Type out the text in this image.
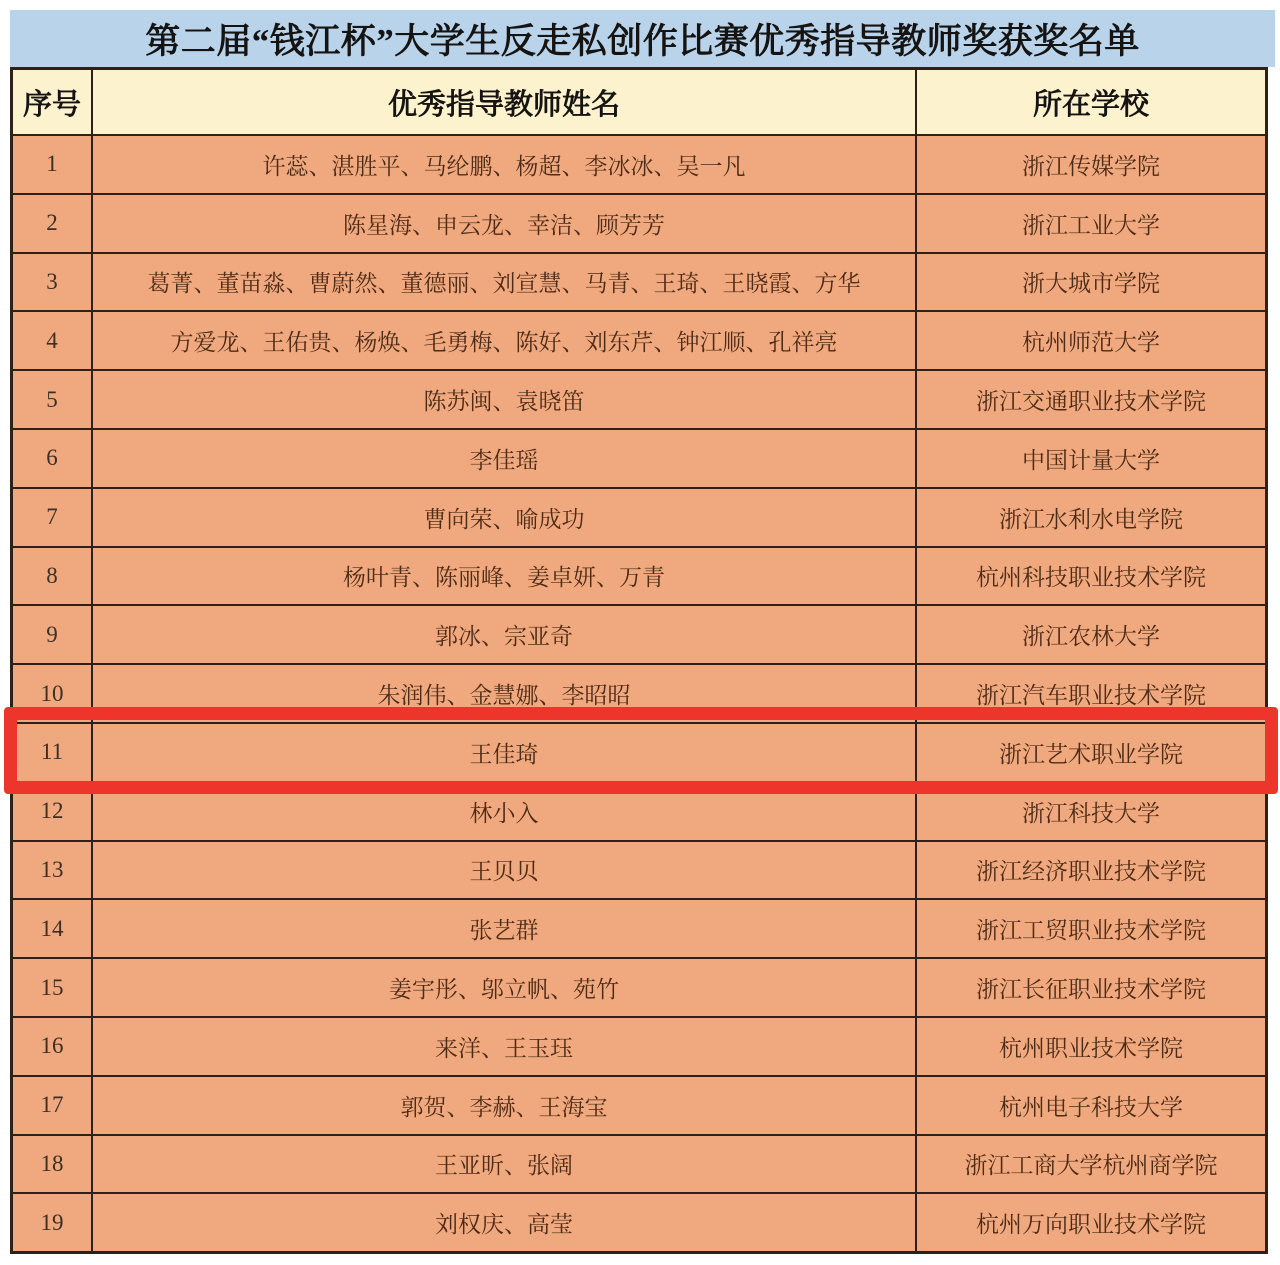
第二届“钱江杯”大学生反走私创作比赛优秀指导教师奖获奖名单
序号	优秀指导教师姓名	所在学校
1	许蕊、湛胜平、马纶鹏、杨超、李冰冰、吴一凡	浙江传媒学院
2	陈星海、申云龙、幸洁、顾芳芳	浙江工业大学
3	葛菁、董苗淼、曹蔚然、董德丽、刘宣慧、马青、王琦、王晓霞、方华	浙大城市学院
4	方爱龙、王佑贵、杨焕、毛勇梅、陈好、刘东芹、钟江顺、孔祥亮	杭州师范大学
5	陈苏闽、袁晓笛	浙江交通职业技术学院
6	李佳瑶	中国计量大学
7	曹向荣、喻成功	浙江水利水电学院
8	杨叶青、陈丽峰、姜卓妍、万青	杭州科技职业技术学院
9	郭冰、宗亚奇	浙江农林大学
10	朱润伟、金慧娜、李昭昭	浙江汽车职业技术学院
11	王佳琦	浙江艺术职业学院
12	林小入	浙江科技大学
13	王贝贝	浙江经济职业技术学院
14	张艺群	浙江工贸职业技术学院
15	姜宇彤、邬立帆、苑竹	浙江长征职业技术学院
16	来洋、王玉珏	杭州职业技术学院
17	郭贺、李赫、王海宝	杭州电子科技大学
18	王亚昕、张阔	浙江工商大学杭州商学院
19	刘权庆、高莹	杭州万向职业技术学院
